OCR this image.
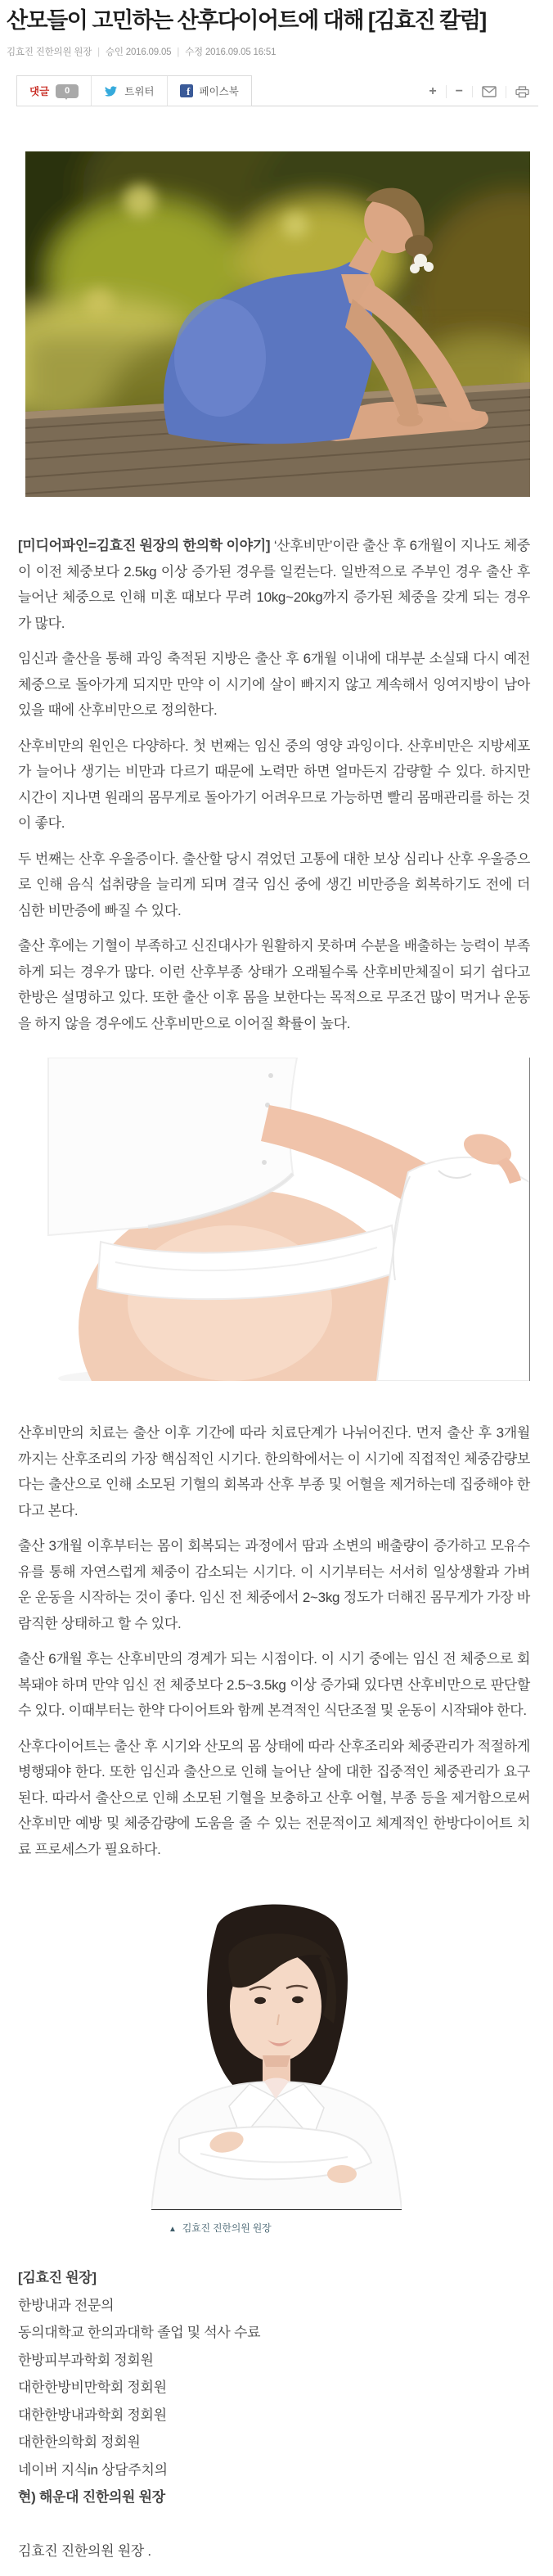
산모들이 고민하는 산후다이어트에 대해 [김효진 칼럼]
김효진 진한의원 원장 | 승인 2016.09.05 | 수정 2016.09.05 16:51
댓글	0	트위터	f 페이스북	+ −

[미디어파인=김효진 원장의 한의학 이야기] ‘산후비만’이란 출산 후 6개월이 지나도 체중이 이전 체중보다 2.5kg 이상 증가된 경우를 일컫는다. 일반적으로 주부인 경우 출산 후 늘어난 체중으로 인해 미혼 때보다 무려 10kg~20kg까지 증가된 체중을 갖게 되는 경우가 많다.

임신과 출산을 통해 과잉 축적된 지방은 출산 후 6개월 이내에 대부분 소실돼 다시 예전 체중으로 돌아가게 되지만 만약 이 시기에 살이 빠지지 않고 계속해서 잉여지방이 남아있을 때에 산후비만으로 정의한다.

산후비만의 원인은 다양하다. 첫 번째는 임신 중의 영양 과잉이다. 산후비만은 지방세포가 늘어나 생기는 비만과 다르기 때문에 노력만 하면 얼마든지 감량할 수 있다. 하지만 시간이 지나면 원래의 몸무게로 돌아가기 어려우므로 가능하면 빨리 몸매관리를 하는 것이 좋다.

두 번째는 산후 우울증이다. 출산할 당시 겪었던 고통에 대한 보상 심리나 산후 우울증으로 인해 음식 섭취량을 늘리게 되며 결국 임신 중에 생긴 비만증을 회복하기도 전에 더 심한 비만증에 빠질 수 있다.

출산 후에는 기혈이 부족하고 신진대사가 원활하지 못하며 수분을 배출하는 능력이 부족하게 되는 경우가 많다. 이런 산후부종 상태가 오래될수록 산후비만체질이 되기 쉽다고 한방은 설명하고 있다. 또한 출산 이후 몸을 보한다는 목적으로 무조건 많이 먹거나 운동을 하지 않을 경우에도 산후비만으로 이어질 확률이 높다.

산후비만의 치료는 출산 이후 기간에 따라 치료단계가 나뉘어진다. 먼저 출산 후 3개월까지는 산후조리의 가장 핵심적인 시기다. 한의학에서는 이 시기에 직접적인 체중감량보다는 출산으로 인해 소모된 기혈의 회복과 산후 부종 및 어혈을 제거하는데 집중해야 한다고 본다.

출산 3개월 이후부터는 몸이 회복되는 과정에서 땀과 소변의 배출량이 증가하고 모유수유를 통해 자연스럽게 체중이 감소되는 시기다. 이 시기부터는 서서히 일상생활과 가벼운 운동을 시작하는 것이 좋다. 임신 전 체중에서 2~3kg 정도가 더해진 몸무게가 가장 바람직한 상태하고 할 수 있다.

출산 6개월 후는 산후비만의 경계가 되는 시점이다. 이 시기 중에는 임신 전 체중으로 회복돼야 하며 만약 임신 전 체중보다 2.5~3.5kg 이상 증가돼 있다면 산후비만으로 판단할 수 있다. 이때부터는 한약 다이어트와 함께 본격적인 식단조절 및 운동이 시작돼야 한다.

산후다이어트는 출산 후 시기와 산모의 몸 상태에 따라 산후조리와 체중관리가 적절하게 병행돼야 한다. 또한 임신과 출산으로 인해 늘어난 살에 대한 집중적인 체중관리가 요구된다. 따라서 출산으로 인해 소모된 기혈을 보충하고 산후 어혈, 부종 등을 제거함으로써 산후비만 예방 및 체중감량에 도움을 줄 수 있는 전문적이고 체계적인 한방다이어트 치료 프로세스가 필요하다.

▲ 김효진 진한의원 원장
[김효진 원장]
한방내과 전문의
동의대학교 한의과대학 졸업 및 석사 수료
한방피부과학회 정회원
대한한방비만학회 정회원
대한한방내과학회 정회원
대한한의학회 정회원
네이버 지식in 상담주치의
현) 해운대 진한의원 원장
김효진 진한의원 원장 .
